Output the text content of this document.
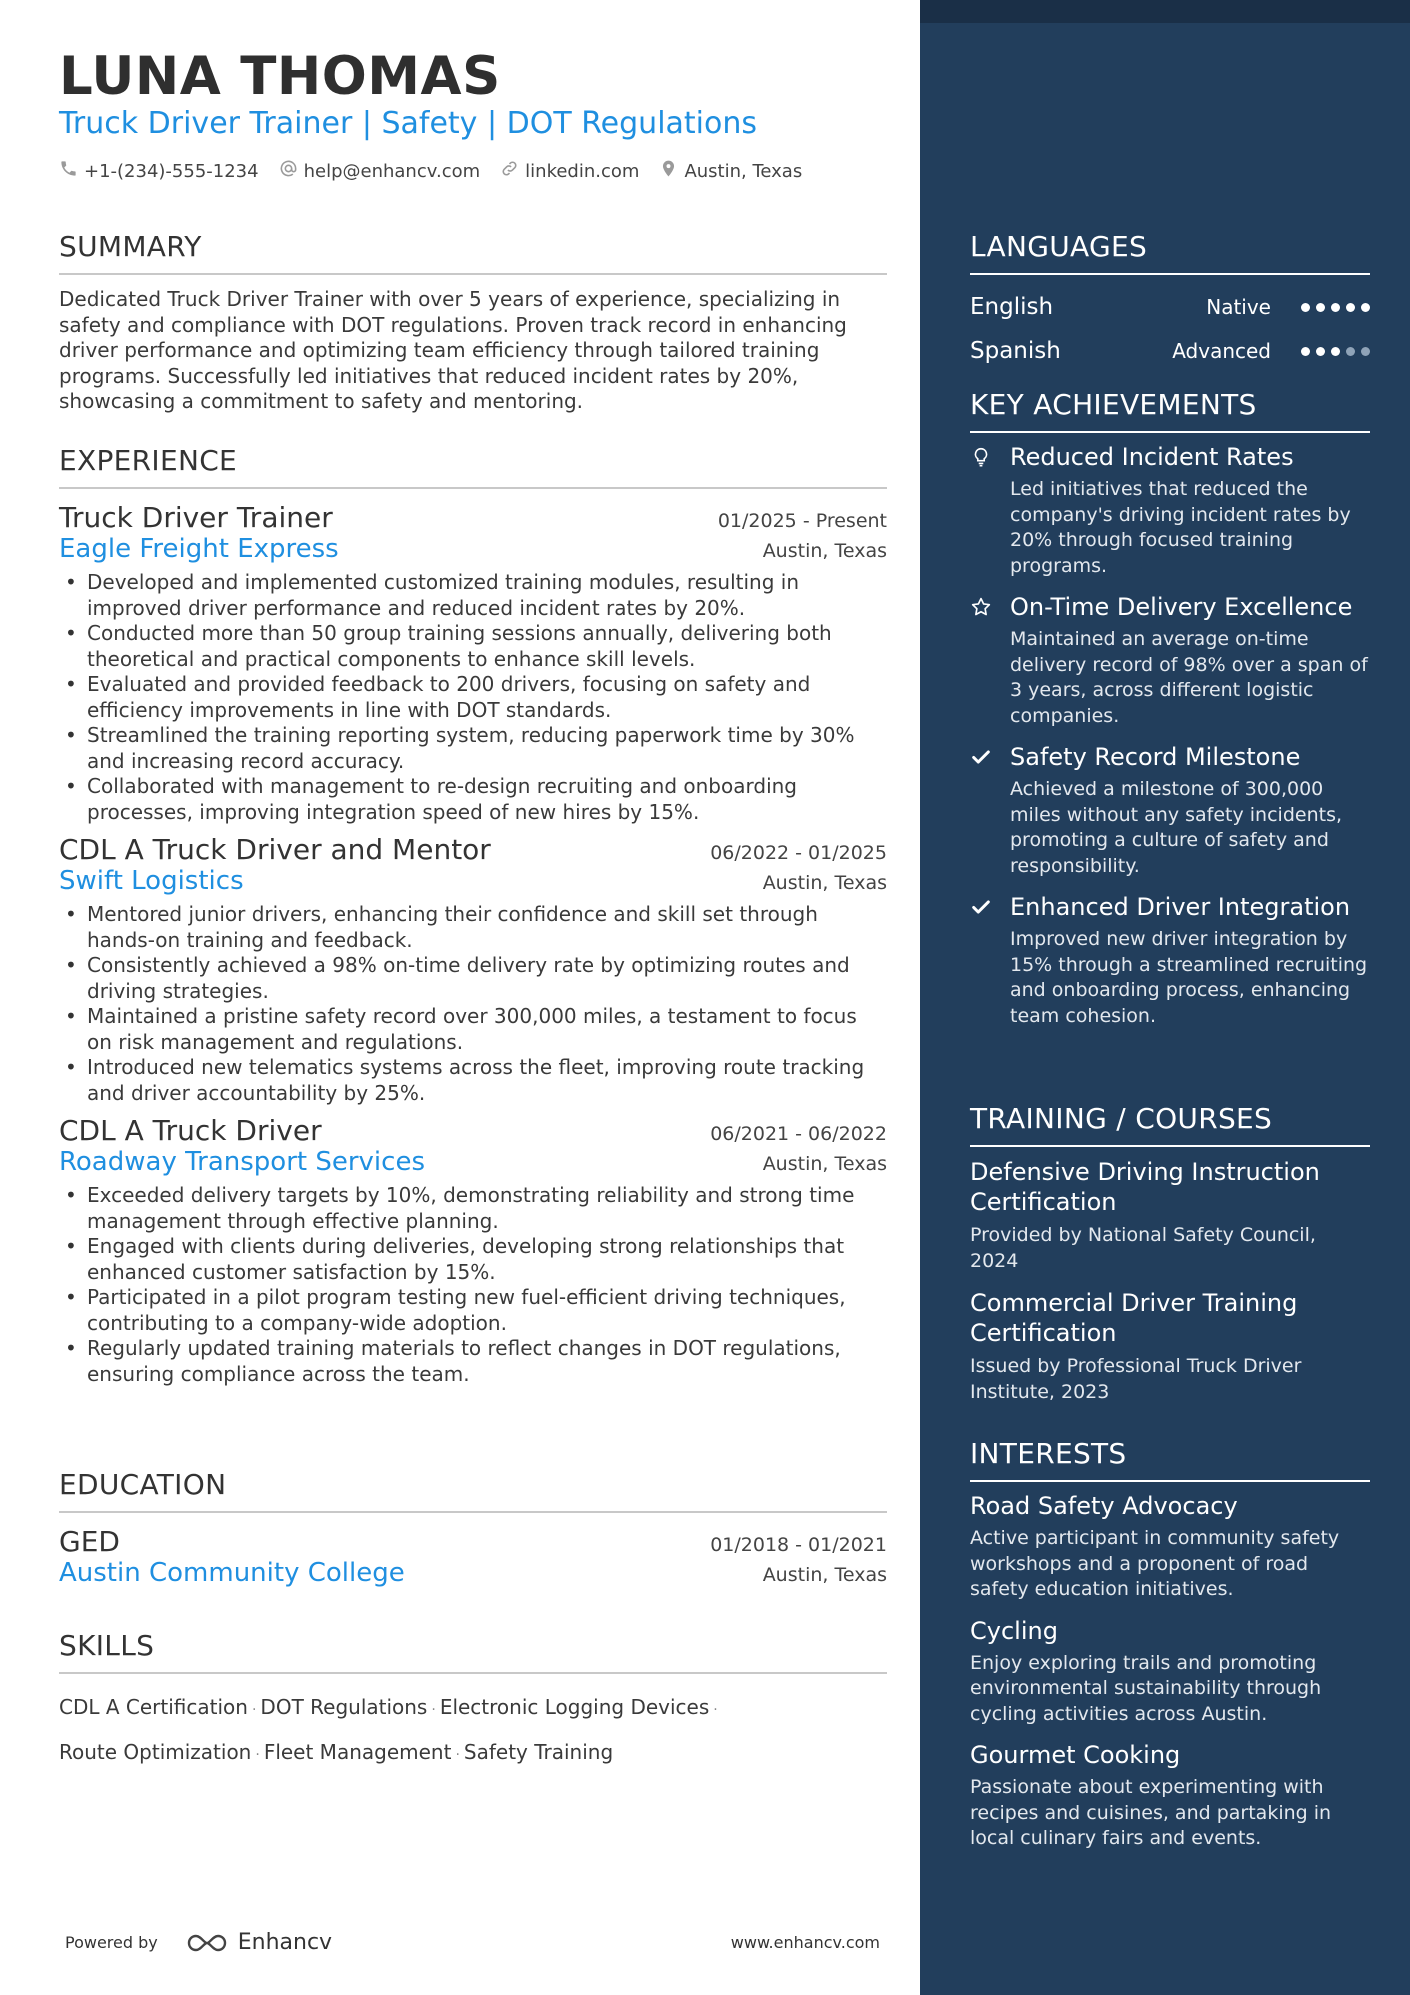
LUNA THOMAS
Truck Driver Trainer | Safety | DOT Regulations
+1-(234)-555-1234	help@enhancv.com	linkedin.com	Austin, Texas
SUMMARY

Dedicated Truck Driver Trainer with over 5 years of experience, specializing in safety and compliance with DOT regulations. Proven track record in enhancing driver performance and optimizing team efficiency through tailored training programs. Successfully led initiatives that reduced incident rates by 20%, showcasing a commitment to safety and mentoring.

EXPERIENCE
Truck Driver Trainer	01/2025 - Present
Eagle Freight Express	Austin, Texas
• Developed and implemented customized training modules, resulting in improved driver performance and reduced incident rates by 20%.
• Conducted more than 50 group training sessions annually, delivering both theoretical and practical components to enhance skill levels.
• Evaluated and provided feedback to 200 drivers, focusing on safety and efficiency improvements in line with DOT standards.
• Streamlined the training reporting system, reducing paperwork time by 30% and increasing record accuracy.
• Collaborated with management to re-design recruiting and onboarding processes, improving integration speed of new hires by 15%.
CDL A Truck Driver and Mentor	06/2022 - 01/2025
Swift Logistics	Austin, Texas
• Mentored junior drivers, enhancing their confidence and skill set through hands-on training and feedback.
• Consistently achieved a 98% on-time delivery rate by optimizing routes and driving strategies.
• Maintained a pristine safety record over 300,000 miles, a testament to focus on risk management and regulations.
• Introduced new telematics systems across the fleet, improving route tracking and driver accountability by 25%.
CDL A Truck Driver	06/2021 - 06/2022
Roadway Transport Services	Austin, Texas
• Exceeded delivery targets by 10%, demonstrating reliability and strong time management through effective planning.
• Engaged with clients during deliveries, developing strong relationships that enhanced customer satisfaction by 15%.
• Participated in a pilot program testing new fuel-efficient driving techniques, contributing to a company-wide adoption.
• Regularly updated training materials to reflect changes in DOT regulations, ensuring compliance across the team.
EDUCATION
GED	01/2018 - 01/2021
Austin Community College	Austin, Texas
SKILLS
CDL A Certification · DOT Regulations · Electronic Logging Devices ·
Route Optimization · Fleet Management · Safety Training
Powered by	Enhancv	www.enhancv.com
LANGUAGES
English	Native
Spanish	Advanced
KEY ACHIEVEMENTS
Reduced Incident Rates
Led initiatives that reduced the company's driving incident rates by 20% through focused training programs.
On-Time Delivery Excellence
Maintained an average on-time delivery record of 98% over a span of 3 years, across different logistic companies.
Safety Record Milestone
Achieved a milestone of 300,000 miles without any safety incidents, promoting a culture of safety and responsibility.
Enhanced Driver Integration
Improved new driver integration by 15% through a streamlined recruiting and onboarding process, enhancing team cohesion.
TRAINING / COURSES
Defensive Driving Instruction Certification
Provided by National Safety Council, 2024
Commercial Driver Training Certification
Issued by Professional Truck Driver Institute, 2023
INTERESTS
Road Safety Advocacy
Active participant in community safety workshops and a proponent of road safety education initiatives.
Cycling
Enjoy exploring trails and promoting environmental sustainability through cycling activities across Austin.
Gourmet Cooking
Passionate about experimenting with recipes and cuisines, and partaking in local culinary fairs and events.
